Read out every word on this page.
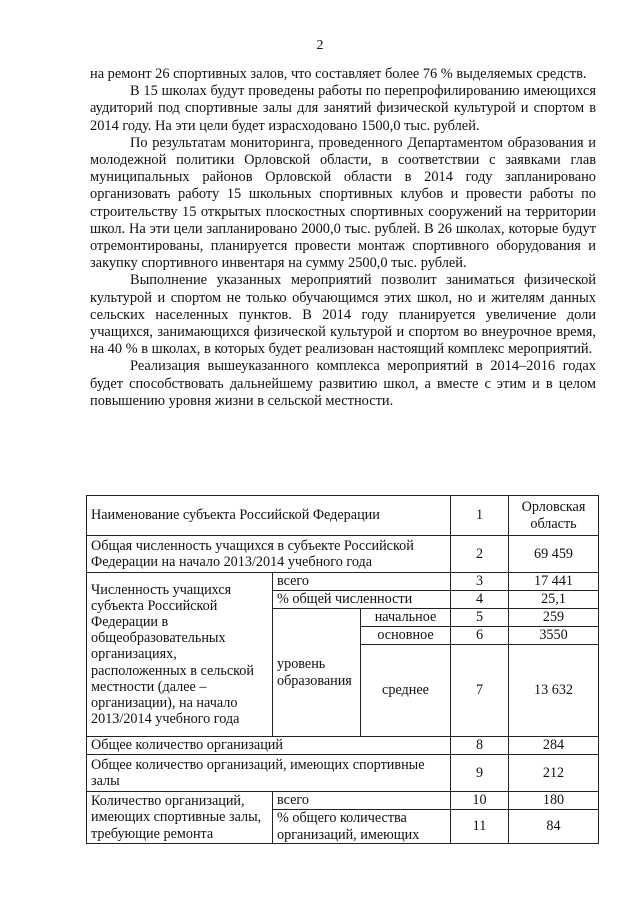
2

на ремонт 26 спортивных залов, что составляет более 76 % выделяемых средств.

В 15 школах будут проведены работы по перепрофилированию имеющихся аудиторий под спортивные залы для занятий физической культурой и спортом в 2014 году. На эти цели будет израсходовано 1500,0 тыс. рублей.

По результатам мониторинга, проведенного Департаментом образования и молодежной политики Орловской области, в соответствии с заявками глав муниципальных районов Орловской области в 2014 году запланировано организовать работу 15 школьных спортивных клубов и провести работы по строительству 15 открытых плоскостных спортивных сооружений на территории школ. На эти цели запланировано 2000,0 тыс. рублей. В 26 школах, которые будут отремонтированы, планируется провести монтаж спортивного оборудования и закупку спортивного инвентаря на сумму 2500,0 тыс. рублей.

Выполнение указанных мероприятий позволит заниматься физической культурой и спортом не только обучающимся этих школ, но и жителям данных сельских населенных пунктов. В 2014 году планируется увеличение доли учащихся, занимающихся физической культурой и спортом во внеурочное время, на 40 % в школах, в которых будет реализован настоящий комплекс мероприятий.

Реализация вышеуказанного комплекса мероприятий в 2014–2016 годах будет способствовать дальнейшему развитию школ, а вместе с этим и в целом повышению уровня жизни в сельской местности.

Наименование субъекта Российской Федерации			1	Орловская область
Общая численность учащихся в субъекте Российской Федерации на начало 2013/2014 учебного года			2	69 459
Численность учащихся субъекта Российской Федерации в общеобразовательных организациях, расположенных в сельской местности (далее – организации), на начало 2013/2014 учебного года	всего		3	17 441
	% общей численности		4	25,1
	уровень образования	начальное	5	259
		основное	6	3550
		среднее	7	13 632
Общее количество организаций			8	284
Общее количество организаций, имеющих спортивные залы			9	212
Количество организаций, имеющих спортивные залы, требующие ремонта	всего		10	180
	% общего количества организаций, имеющих		11	84
